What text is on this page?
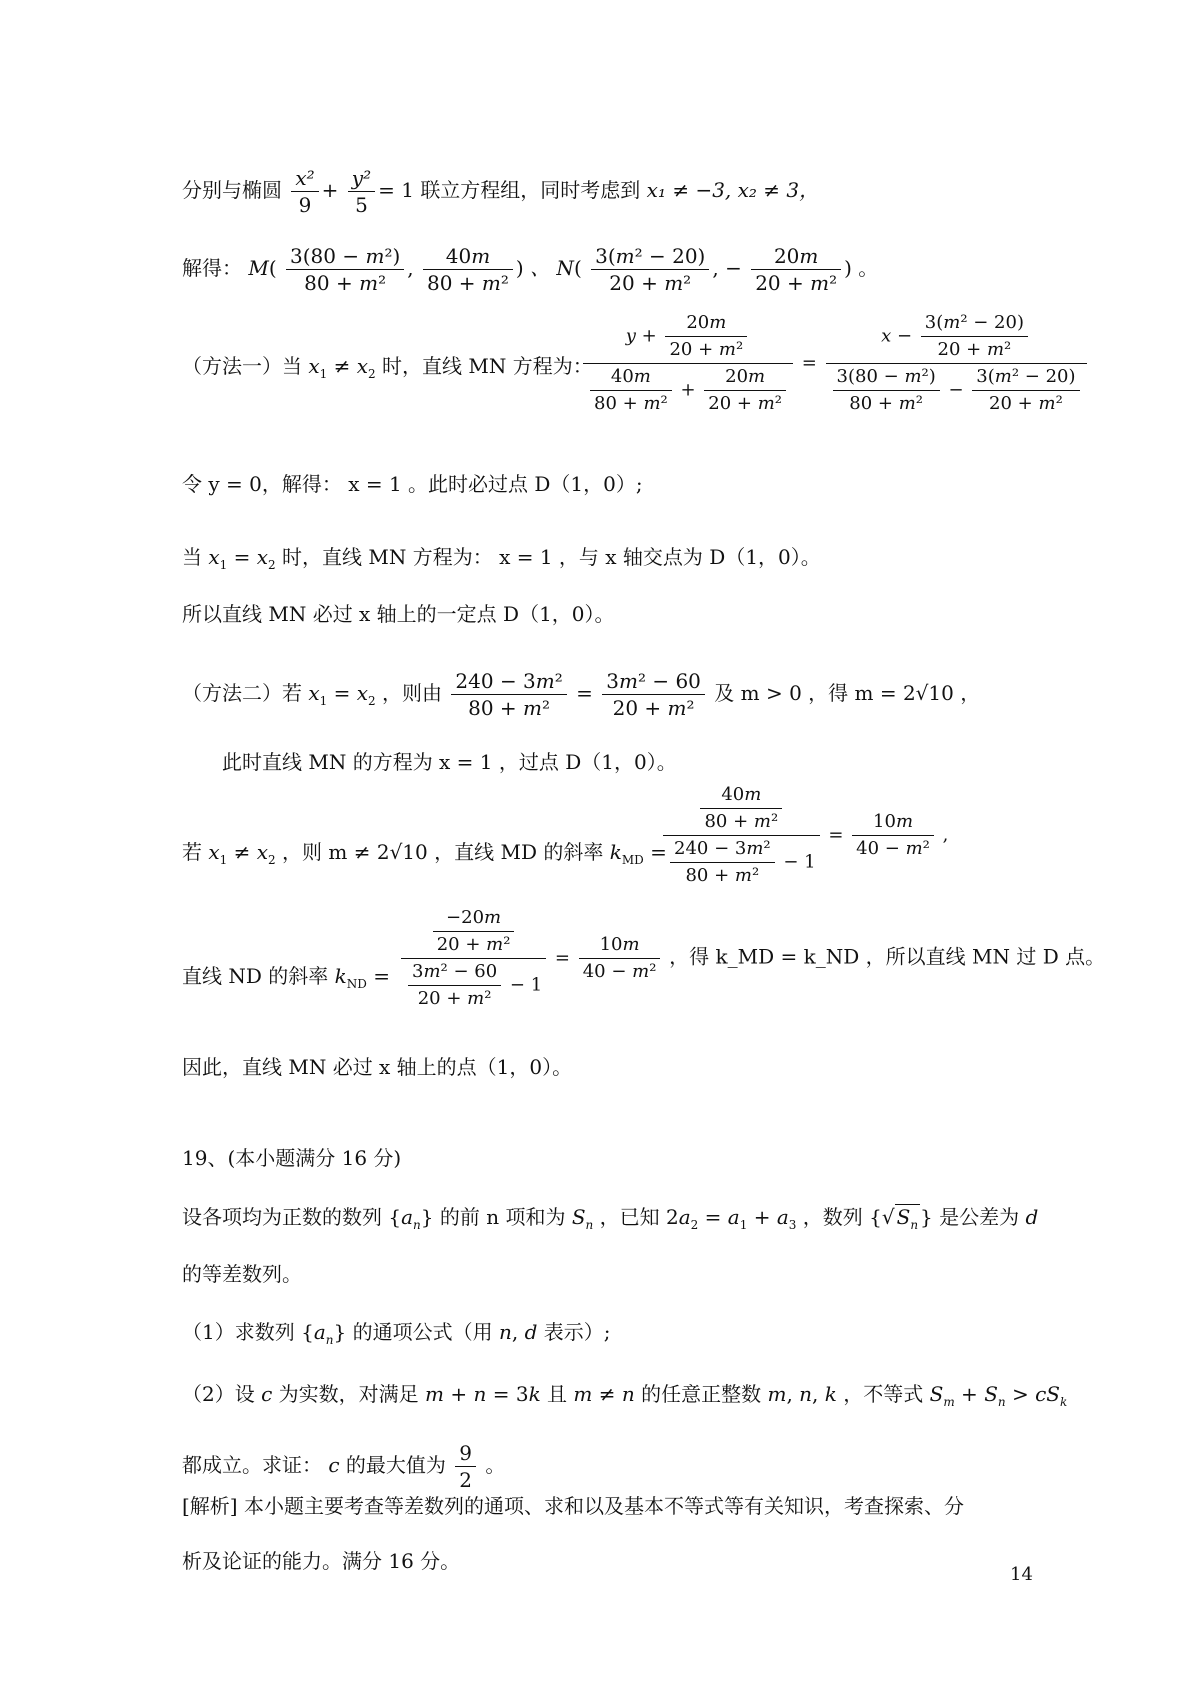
分别与椭圆 $\frac{\text{x²}}{9} + \frac{\text{y²}}{5} = 1$ 联立方程组，同时考虑到 x₁ ≠ −3, x₂ ≠ 3，
解得： $M( \frac{\text{3(80 − m²)}}{\text{80 + m²}}$ , $\frac{40m}{\text{80 + m²}}$ ) 、 $N( \frac{\text{3(m² − 20)}}{\text{20 + m²}}$ , − $\frac{20m}{\text{20 + m²}}$ ) 。
（方法一）当 $x_1 \ne x_2$ 时，直线 MN 方程为：
$\frac{y + \frac{20m}{\text{20 + m²}}}{\frac{40m}{\text{80 + m²}} + \frac{20m}{\text{20 + m²}}} = \frac{x - \frac{\text{3(m² − 20)}}{\text{20 + m²}}}{\frac{\text{3(80 − m²)}}{\text{80 + m²}} - \frac{\text{3(m² − 20)}}{\text{20 + m²}}}$
令 y = 0，解得： x = 1 。此时必过点 D（1，0）;
当 $x_1 = x_2$ 时，直线 MN 方程为： x = 1 ，与 x 轴交点为 D（1，0）。
所以直线 MN 必过 x 轴上的一定点 D（1，0）。
（方法二）若 $x_1 = x_2$ ，则由 $\frac{\text{240 − 3m²}}{\text{80 + m²}} = \frac{\text{3m² − 60}}{\text{20 + m²}}$ 及 m > 0 ，得 m = 2√10 ，
此时直线 MN 的方程为 x = 1 ，过点 D（1，0）。
若 $x_1 \ne x_2$ ，则 m ≠ 2√10 ，直线 MD 的斜率 $k_{MD}$ =
$\frac{\frac{40m}{\text{80 + m²}}}{\frac{\text{240 − 3m²}}{\text{80 + m²}} - 1} = \frac{10m}{\text{40 − m²}}$ ,
直线 ND 的斜率 $k_{ND} = \frac{\frac{-20m}{\text{20 + m²}}}{\frac{\text{3m² − 60}}{\text{20 + m²}} - 1} = \frac{10m}{\text{40 − m²}}$ ，得 k_MD = k_ND ，所以直线 MN 过 D 点。
因此，直线 MN 必过 x 轴上的点（1，0）。
19、(本小题满分 16 分)
设各项均为正数的数列 $\{a_n\}$ 的前 n 项和为 $S_n$ ，已知 $2a_2 = a_1 + a_3$ ，数列 {√ $S_n$ } 是公差为 d
的等差数列。
（1）求数列 $\{a_n\}$ 的通项公式（用 n, d 表示）;
（2）设 c 为实数，对满足 m + n = 3k 且 m ≠ n 的任意正整数 m, n, k ，不等式 $S_m + S_n > cS_k$
都成立。求证： c 的最大值为 $\frac{9}{2}$ 。
[解析] 本小题主要考查等差数列的通项、求和以及基本不等式等有关知识，考查探索、分
析及论证的能力。满分 16 分。
14
